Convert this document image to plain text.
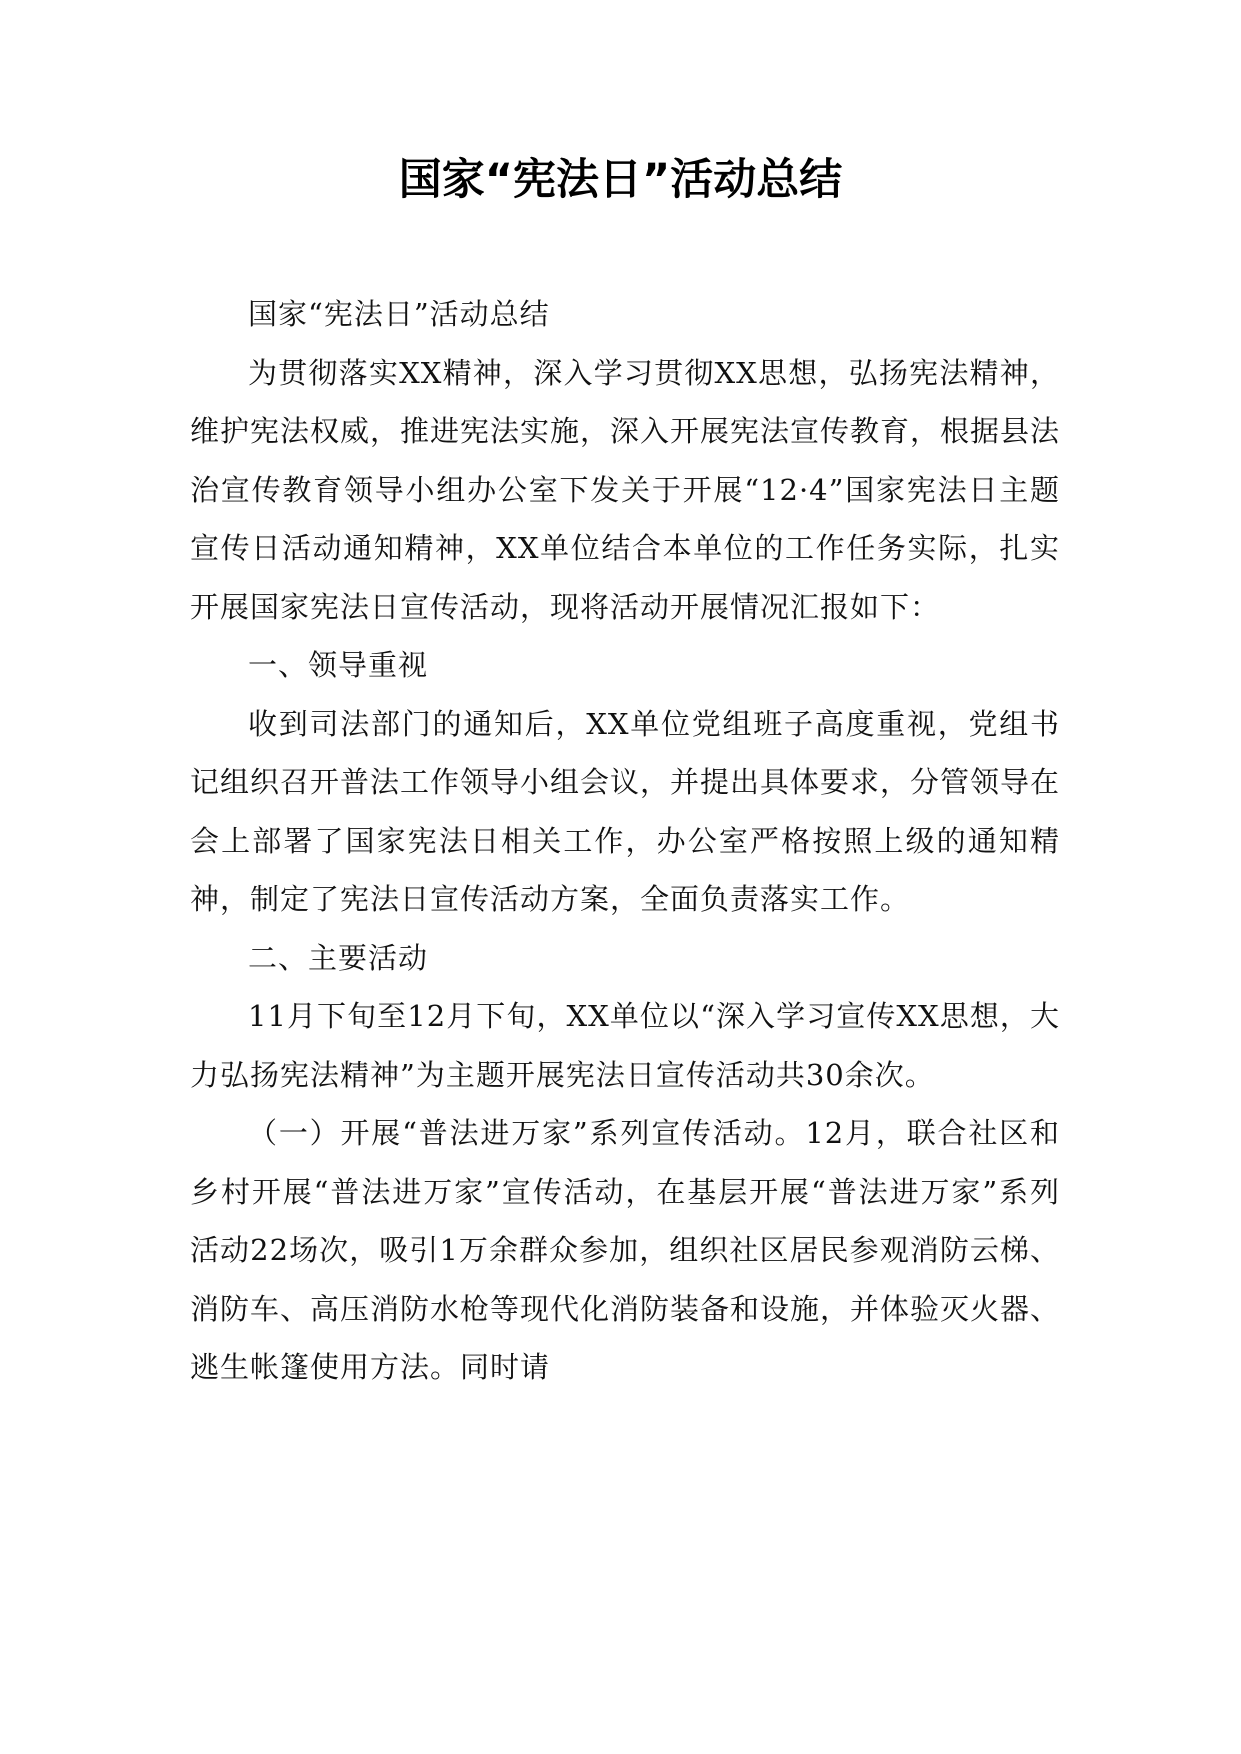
国家“宪法日”活动总结

国家“宪法日”活动总结

为贯彻落实XX精神，深入学习贯彻XX思想，弘扬宪法精神，维护宪法权威，推进宪法实施，深入开展宪法宣传教育，根据县法治宣传教育领导小组办公室下发关于开展“12·4”国家宪法日主题宣传日活动通知精神，XX单位结合本单位的工作任务实际，扎实开展国家宪法日宣传活动，现将活动开展情况汇报如下：

一、领导重视

收到司法部门的通知后，XX单位党组班子高度重视，党组书记组织召开普法工作领导小组会议，并提出具体要求，分管领导在会上部署了国家宪法日相关工作，办公室严格按照上级的通知精神，制定了宪法日宣传活动方案，全面负责落实工作。

二、主要活动

11月下旬至12月下旬，XX单位以“深入学习宣传XX思想，大力弘扬宪法精神”为主题开展宪法日宣传活动共30余次。

（一）开展“普法进万家”系列宣传活动。12月，联合社区和乡村开展“普法进万家”宣传活动，在基层开展“普法进万家”系列活动22场次，吸引1万余群众参加，组织社区居民参观消防云梯、消防车、高压消防水枪等现代化消防装备和设施，并体验灭火器、逃生帐篷使用方法。同时请
